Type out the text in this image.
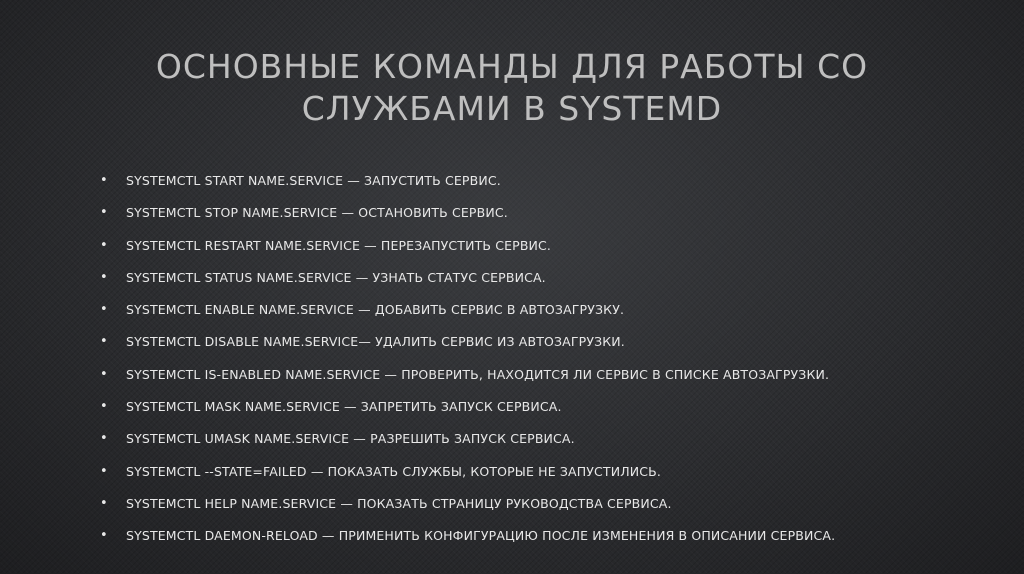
ОСНОВНЫЕ КОМАНДЫ ДЛЯ РАБОТЫ СО
СЛУЖБАМИ В SYSTEMD
• SYSTEMCTL START NAME.SERVICE — ЗАПУСТИТЬ СЕРВИС.
• SYSTEMCTL STOP NAME.SERVICE — ОСТАНОВИТЬ СЕРВИС.
• SYSTEMCTL RESTART NAME.SERVICE — ПЕРЕЗАПУСТИТЬ СЕРВИС.
• SYSTEMCTL STATUS NAME.SERVICE — УЗНАТЬ СТАТУС СЕРВИСА.
• SYSTEMCTL ENABLE NAME.SERVICE — ДОБАВИТЬ СЕРВИС В АВТОЗАГРУЗКУ.
• SYSTEMCTL DISABLE NAME.SERVICE— УДАЛИТЬ СЕРВИС ИЗ АВТОЗАГРУЗКИ.
• SYSTEMCTL IS-ENABLED NAME.SERVICE — ПРОВЕРИТЬ, НАХОДИТСЯ ЛИ СЕРВИС В СПИСКЕ АВТОЗАГРУЗКИ.
• SYSTEMCTL MASK NAME.SERVICE — ЗАПРЕТИТЬ ЗАПУСК СЕРВИСА.
• SYSTEMCTL UMASK NAME.SERVICE — РАЗРЕШИТЬ ЗАПУСК СЕРВИСА.
• SYSTEMCTL --STATE=FAILED — ПОКАЗАТЬ СЛУЖБЫ, КОТОРЫЕ НЕ ЗАПУСТИЛИСЬ.
• SYSTEMCTL HELP NAME.SERVICE — ПОКАЗАТЬ СТРАНИЦУ РУКОВОДСТВА СЕРВИСА.
• SYSTEMCTL DAEMON-RELOAD — ПРИМЕНИТЬ КОНФИГУРАЦИЮ ПОСЛЕ ИЗМЕНЕНИЯ В ОПИСАНИИ СЕРВИСА.
